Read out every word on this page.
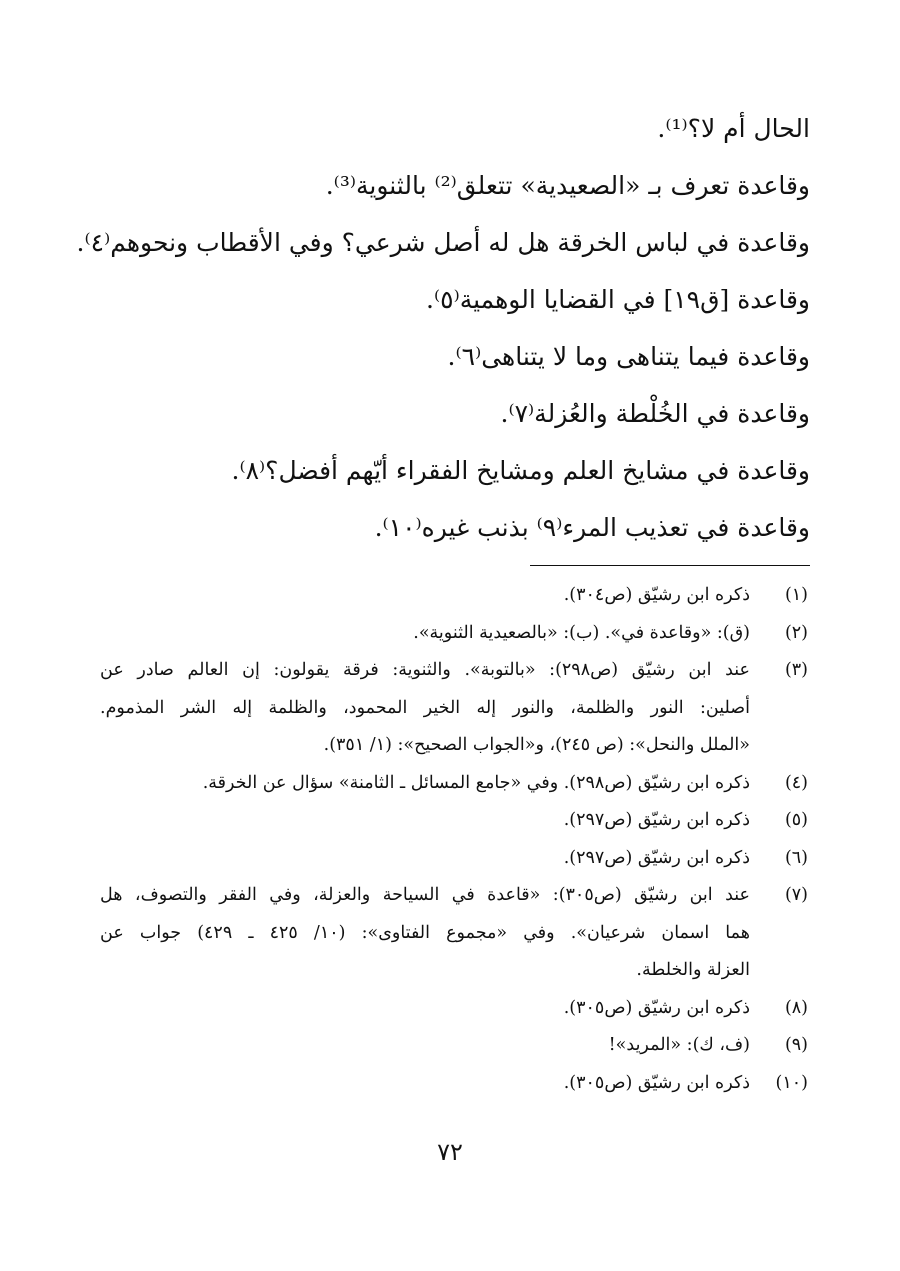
الحال أم لا؟⁽¹⁾.
وقاعدة تعرف بـ «الصعيدية» تتعلق⁽²⁾ بالثنوية⁽³⁾.
وقاعدة في لباس الخرقة هل له أصل شرعي؟ وفي الأقطاب ونحوهم⁽٤⁾.
وقاعدة [ق١٩] في القضايا الوهمية⁽٥⁾.
وقاعدة فيما يتناهى وما لا يتناهى⁽٦⁾.
وقاعدة في الخُلْطة والعُزلة⁽٧⁾.
وقاعدة في مشايخ العلم ومشايخ الفقراء أيّهم أفضل؟⁽٨⁾.
وقاعدة في تعذيب المرء⁽٩⁾ بذنب غيره⁽١٠⁾.
(١)
ذكره ابن رشيّق (ص٣٠٤).
(٢)
(ق): «وقاعدة في». (ب): «بالصعيدية الثنوية».
(٣)
عند ابن رشيّق (ص٢٩٨): «بالتوبة». والثنوية: فرقة يقولون: إن العالم صادر عن
أصلين: النور والظلمة، والنور إله الخير المحمود، والظلمة إله الشر المذموم.
«الملل والنحل»: (ص ٢٤٥)، و«الجواب الصحيح»: (١/ ٣٥١).
(٤)
ذكره ابن رشيّق (ص٢٩٨). وفي «جامع المسائل ـ الثامنة» سؤال عن الخرقة.
(٥)
ذكره ابن رشيّق (ص٢٩٧).
(٦)
ذكره ابن رشيّق (ص٢٩٧).
(٧)
عند ابن رشيّق (ص٣٠٥): «قاعدة في السياحة والعزلة، وفي الفقر والتصوف، هل
هما اسمان شرعيان». وفي «مجموع الفتاوى»: (١٠/ ٤٢٥ ـ ٤٢٩) جواب عن
العزلة والخلطة.
(٨)
ذكره ابن رشيّق (ص٣٠٥).
(٩)
(ف، ك): «المريد»!
(١٠)
ذكره ابن رشيّق (ص٣٠٥).
٧٢
